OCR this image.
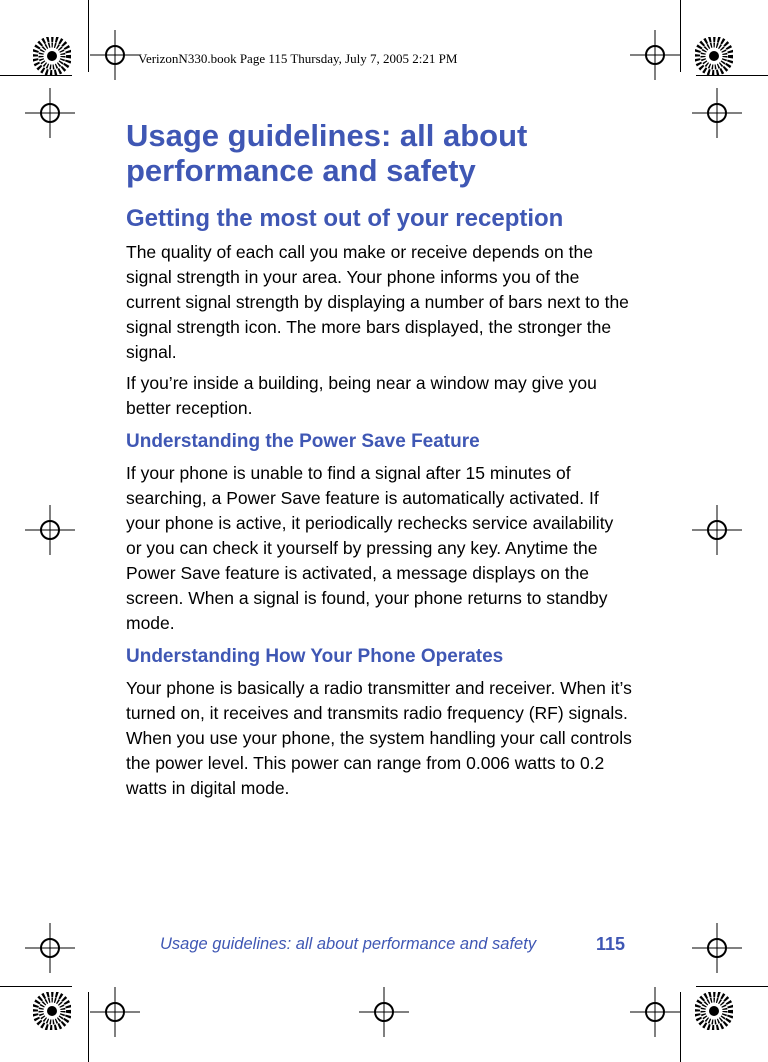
VerizonN330.book Page 115 Thursday, July 7, 2005 2:21 PM
Usage guidelines: all about performance and safety
Getting the most out of your reception

The quality of each call you make or receive depends on the signal strength in your area. Your phone informs you of the current signal strength by displaying a number of bars next to the signal strength icon. The more bars displayed, the stronger the signal.

If you’re inside a building, being near a window may give you better reception.

Understanding the Power Save Feature

If your phone is unable to find a signal after 15 minutes of searching, a Power Save feature is automatically activated. If your phone is active, it periodically rechecks service availability or you can check it yourself by pressing any key. Anytime the Power Save feature is activated, a message displays on the screen. When a signal is found, your phone returns to standby mode.

Understanding How Your Phone Operates

Your phone is basically a radio transmitter and receiver. When it’s turned on, it receives and transmits radio frequency (RF) signals. When you use your phone, the system handling your call controls the power level. This power can range from 0.006 watts to 0.2 watts in digital mode.

Usage guidelines: all about performance and safety	115
